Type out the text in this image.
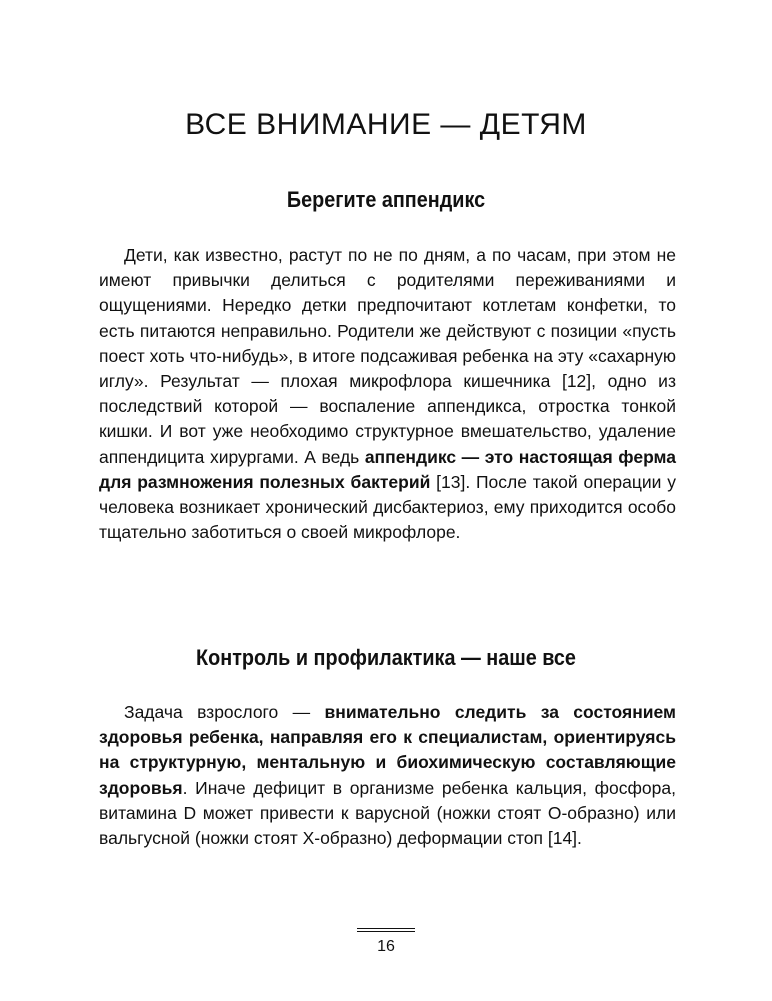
ВСЕ ВНИМАНИЕ — ДЕТЯМ
Берегите аппендикс

Дети, как известно, растут по не по дням, а по часам, при этом не имеют привычки делиться с родителями переживаниями и ощущениями. Нередко детки предпочитают котлетам конфетки, то есть питаются неправильно. Родители же действуют с позиции «пусть поест хоть что-нибудь», в итоге подсаживая ребенка на эту «сахарную иглу». Результат — плохая микрофлора кишечника [12], одно из последствий которой — воспаление аппендикса, отростка тонкой кишки. И вот уже необходимо структурное вмешательство, удаление аппендицита хирургами. А ведь аппендикс — это настоящая ферма для размножения полезных бактерий [13]. После такой операции у человека возникает хронический дисбактериоз, ему приходится особо тщательно заботиться о своей микрофлоре.

Контроль и профилактика — наше все

Задача взрослого — внимательно следить за состоянием здоровья ребенка, направляя его к специалистам, ориентируясь на структурную, ментальную и биохимическую составляющие здоровья. Иначе дефицит в организме ребенка кальция, фосфора, витамина D может привести к варусной (ножки стоят О-образно) или вальгусной (ножки стоят Х-образно) деформации стоп [14].

16
